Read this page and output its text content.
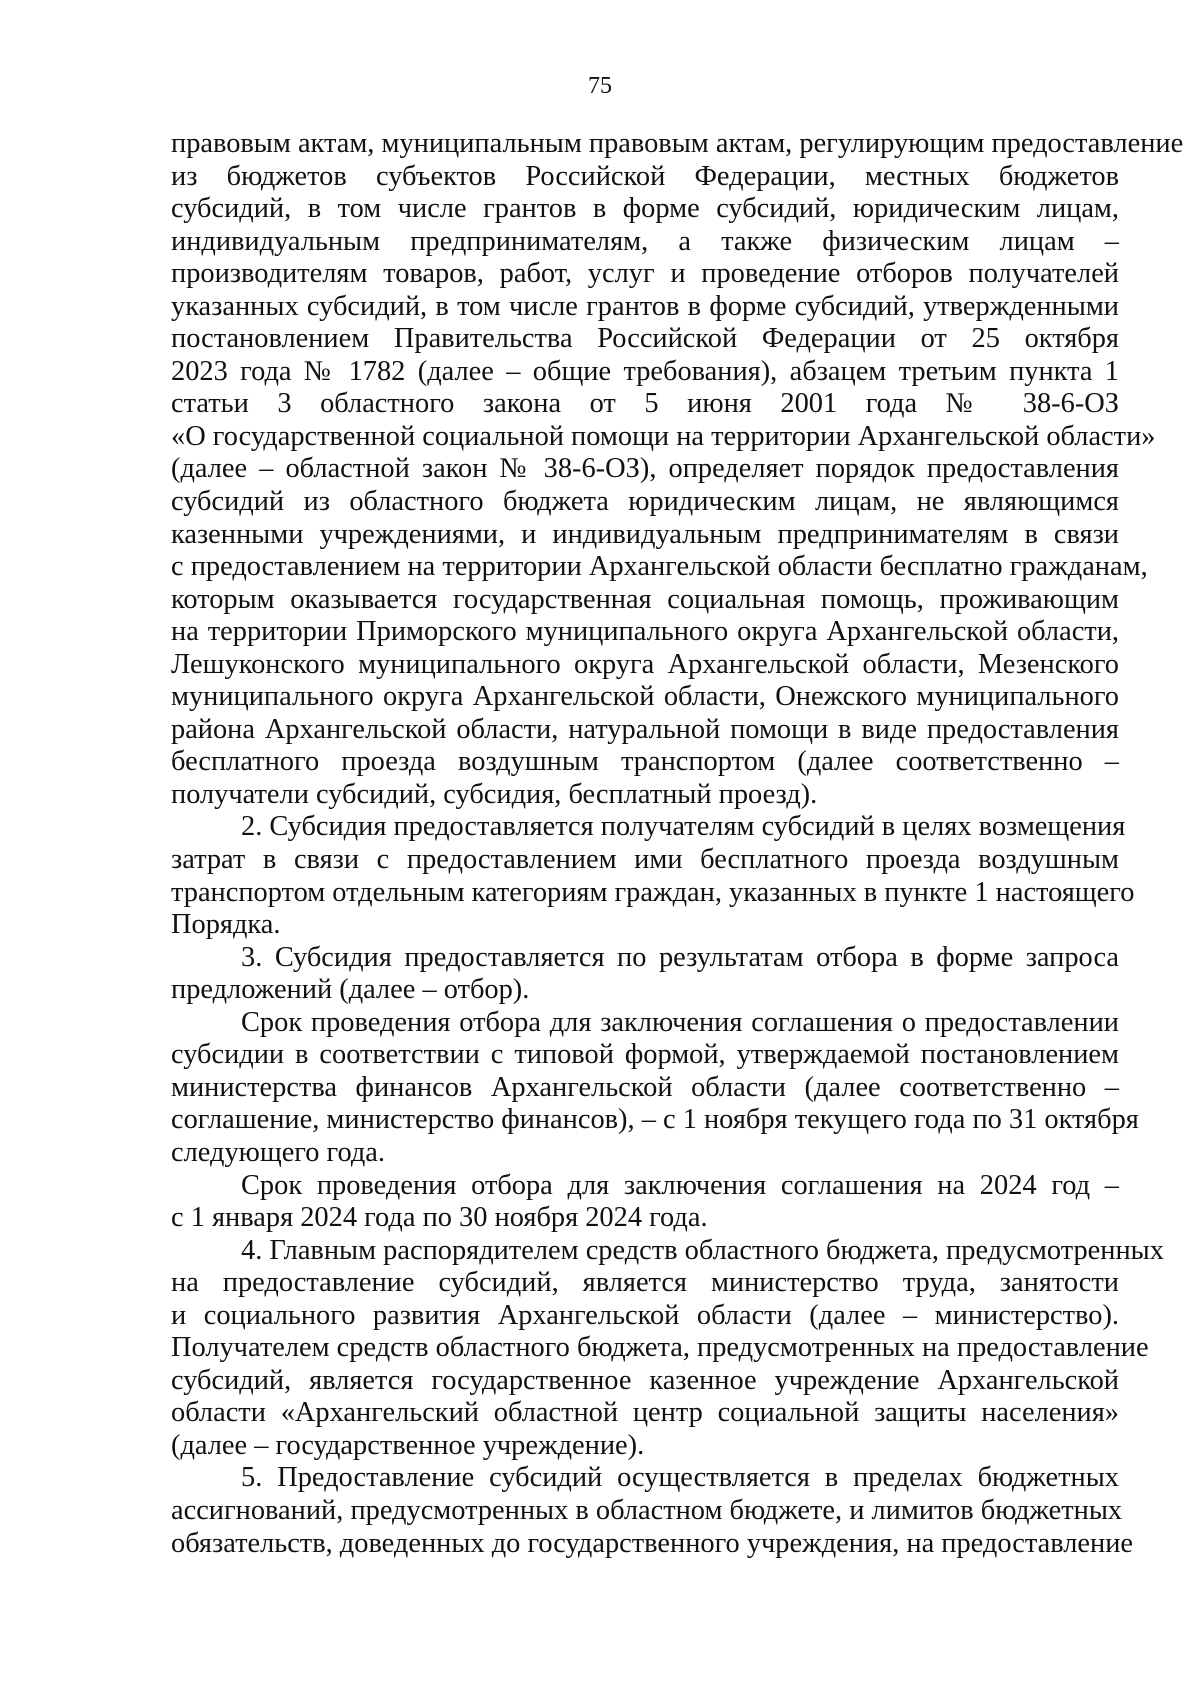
75
правовым актам, муниципальным правовым актам, регулирующим предоставление
из бюджетов субъектов Российской Федерации, местных бюджетов
субсидий, в том числе грантов в форме субсидий, юридическим лицам,
индивидуальным предпринимателям, а также физическим лицам –
производителям товаров, работ, услуг и проведение отборов получателей
указанных субсидий, в том числе грантов в форме субсидий, утвержденными
постановлением Правительства Российской Федерации от 25 октября
2023 года № 1782 (далее – общие требования), абзацем третьим пункта 1
статьи 3 областного закона от 5 июня 2001 года № 38-6-ОЗ
«О государственной социальной помощи на территории Архангельской области»
(далее – областной закон № 38-6-ОЗ), определяет порядок предоставления
субсидий из областного бюджета юридическим лицам, не являющимся
казенными учреждениями, и индивидуальным предпринимателям в связи
с предоставлением на территории Архангельской области бесплатно гражданам,
которым оказывается государственная социальная помощь, проживающим
на территории Приморского муниципального округа Архангельской области,
Лешуконского муниципального округа Архангельской области, Мезенского
муниципального округа Архангельской области, Онежского муниципального
района Архангельской области, натуральной помощи в виде предоставления
бесплатного проезда воздушным транспортом (далее соответственно –
получатели субсидий, субсидия, бесплатный проезд).
2. Субсидия предоставляется получателям субсидий в целях возмещения
затрат в связи с предоставлением ими бесплатного проезда воздушным
транспортом отдельным категориям граждан, указанных в пункте 1 настоящего
Порядка.
3. Субсидия предоставляется по результатам отбора в форме запроса
предложений (далее – отбор).
Срок проведения отбора для заключения соглашения о предоставлении
субсидии в соответствии с типовой формой, утверждаемой постановлением
министерства финансов Архангельской области (далее соответственно –
соглашение, министерство финансов), – с 1 ноября текущего года по 31 октября
следующего года.
Срок проведения отбора для заключения соглашения на 2024 год –
с 1 января 2024 года по 30 ноября 2024 года.
4. Главным распорядителем средств областного бюджета, предусмотренных
на предоставление субсидий, является министерство труда, занятости
и социального развития Архангельской области (далее – министерство).
Получателем средств областного бюджета, предусмотренных на предоставление
субсидий, является государственное казенное учреждение Архангельской
области «Архангельский областной центр социальной защиты населения»
(далее – государственное учреждение).
5. Предоставление субсидий осуществляется в пределах бюджетных
ассигнований, предусмотренных в областном бюджете, и лимитов бюджетных
обязательств, доведенных до государственного учреждения, на предоставление
